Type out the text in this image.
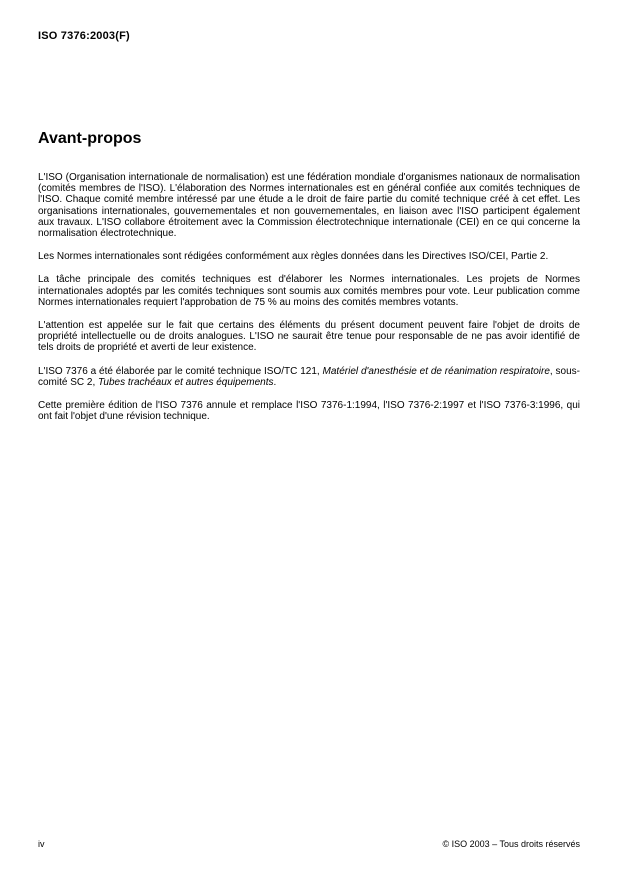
ISO 7376:2003(F)
Avant-propos

L'ISO (Organisation internationale de normalisation) est une fédération mondiale d'organismes nationaux de normalisation (comités membres de l'ISO). L'élaboration des Normes internationales est en général confiée aux comités techniques de l'ISO. Chaque comité membre intéressé par une étude a le droit de faire partie du comité technique créé à cet effet. Les organisations internationales, gouvernementales et non gouvernementales, en liaison avec l'ISO participent également aux travaux. L'ISO collabore étroitement avec la Commission électrotechnique internationale (CEI) en ce qui concerne la normalisation électrotechnique.

Les Normes internationales sont rédigées conformément aux règles données dans les Directives ISO/CEI, Partie 2.

La tâche principale des comités techniques est d'élaborer les Normes internationales. Les projets de Normes internationales adoptés par les comités techniques sont soumis aux comités membres pour vote. Leur publication comme Normes internationales requiert l'approbation de 75 % au moins des comités membres votants.

L'attention est appelée sur le fait que certains des éléments du présent document peuvent faire l'objet de droits de propriété intellectuelle ou de droits analogues. L'ISO ne saurait être tenue pour responsable de ne pas avoir identifié de tels droits de propriété et averti de leur existence.

L'ISO 7376 a été élaborée par le comité technique ISO/TC 121, Matériel d'anesthésie et de réanimation respiratoire, sous-comité SC 2, Tubes trachéaux et autres équipements.

Cette première édition de l'ISO 7376 annule et remplace l'ISO 7376-1:1994, l'ISO 7376-2:1997 et l'ISO 7376-3:1996, qui ont fait l'objet d'une révision technique.

iv	© ISO 2003 – Tous droits réservés
